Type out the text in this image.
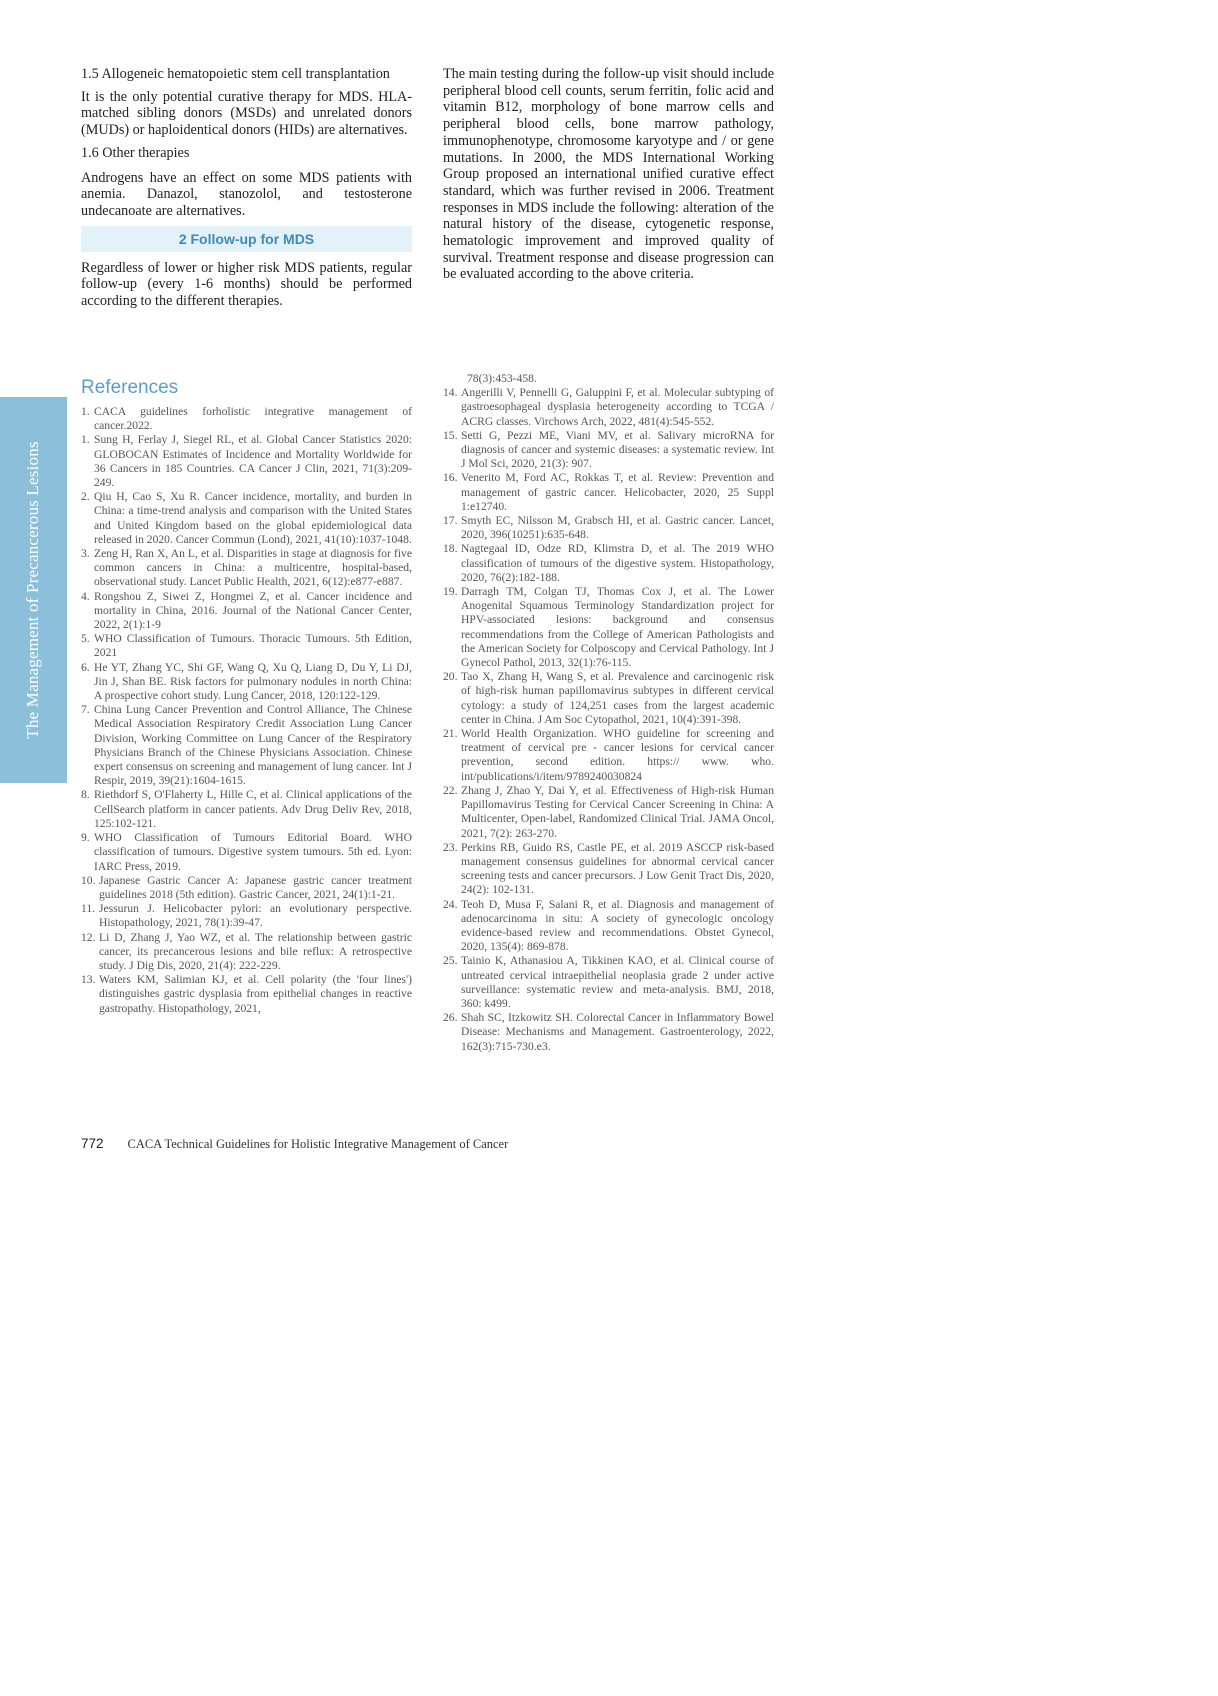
The Management of Precancerous Lesions

1.5 Allogeneic hematopoietic stem cell transplantation

It is the only potential curative therapy for MDS. HLA-matched sibling donors (MSDs) and unrelated donors (MUDs) or haploidentical donors (HIDs) are alternatives.

1.6 Other therapies

Androgens have an effect on some MDS patients with anemia. Danazol, stanozolol, and testosterone undecanoate are alternatives.

2 Follow-up for MDS

Regardless of lower or higher risk MDS patients, regular follow-up (every 1-6 months) should be performed according to the different therapies.

The main testing during the follow-up visit should include peripheral blood cell counts, serum ferritin, folic acid and vitamin B12, morphology of bone marrow cells and peripheral blood cells, bone marrow pathology, immunophenotype, chromosome karyotype and / or gene mutations. In 2000, the MDS International Working Group proposed an international unified curative effect standard, which was further revised in 2006. Treatment responses in MDS include the following: alteration of the natural history of the disease, cytogenetic response, hematologic improvement and improved quality of survival. Treatment response and disease progression can be evaluated according to the above criteria.

References
1. CACA guidelines forholistic integrative management of cancer.2022.
1. Sung H, Ferlay J, Siegel RL, et al. Global Cancer Statistics 2020: GLOBOCAN Estimates of Incidence and Mortality Worldwide for 36 Cancers in 185 Countries. CA Cancer J Clin, 2021, 71(3):209-249.
2. Qiu H, Cao S, Xu R. Cancer incidence, mortality, and burden in China: a time-trend analysis and comparison with the United States and United Kingdom based on the global epidemiological data released in 2020. Cancer Commun (Lond), 2021, 41(10):1037-1048.
3. Zeng H, Ran X, An L, et al. Disparities in stage at diagnosis for five common cancers in China: a multicentre, hospital-based, observational study. Lancet Public Health, 2021, 6(12):e877-e887.
4. Rongshou Z, Siwei Z, Hongmei Z, et al. Cancer incidence and mortality in China, 2016. Journal of the National Cancer Center, 2022, 2(1):1-9
5. WHO Classification of Tumours. Thoracic Tumours. 5th Edition, 2021
6. He YT, Zhang YC, Shi GF, Wang Q, Xu Q, Liang D, Du Y, Li DJ, Jin J, Shan BE. Risk factors for pulmonary nodules in north China: A prospective cohort study. Lung Cancer, 2018, 120:122-129.
7. China Lung Cancer Prevention and Control Alliance, The Chinese Medical Association Respiratory Credit Association Lung Cancer Division, Working Committee on Lung Cancer of the Respiratory Physicians Branch of the Chinese Physicians Association. Chinese expert consensus on screening and management of lung cancer. Int J Respir, 2019, 39(21):1604-1615.
8. Riethdorf S, O'Flaherty L, Hille C, et al. Clinical applications of the CellSearch platform in cancer patients. Adv Drug Deliv Rev, 2018, 125:102-121.
9. WHO Classification of Tumours Editorial Board. WHO classification of tumours. Digestive system tumours. 5th ed. Lyon: IARC Press, 2019.
10. Japanese Gastric Cancer A: Japanese gastric cancer treatment guidelines 2018 (5th edition). Gastric Cancer, 2021, 24(1):1-21.
11. Jessurun J. Helicobacter pylori: an evolutionary perspective. Histopathology, 2021, 78(1):39-47.
12. Li D, Zhang J, Yao WZ, et al. The relationship between gastric cancer, its precancerous lesions and bile reflux: A retrospective study. J Dig Dis, 2020, 21(4): 222-229.
13. Waters KM, Salimian KJ, et al. Cell polarity (the 'four lines') distinguishes gastric dysplasia from epithelial changes in reactive gastropathy. Histopathology, 2021,
78(3):453-458.
14. Angerilli V, Pennelli G, Galuppini F, et al. Molecular subtyping of gastroesophageal dysplasia heterogeneity according to TCGA / ACRG classes. Virchows Arch, 2022, 481(4):545-552.
15. Setti G, Pezzi ME, Viani MV, et al. Salivary microRNA for diagnosis of cancer and systemic diseases: a systematic review. Int J Mol Sci, 2020, 21(3): 907.
16. Venerito M, Ford AC, Rokkas T, et al. Review: Prevention and management of gastric cancer. Helicobacter, 2020, 25 Suppl 1:e12740.
17. Smyth EC, Nilsson M, Grabsch HI, et al. Gastric cancer. Lancet, 2020, 396(10251):635-648.
18. Nagtegaal ID, Odze RD, Klimstra D, et al. The 2019 WHO classification of tumours of the digestive system. Histopathology, 2020, 76(2):182-188.
19. Darragh TM, Colgan TJ, Thomas Cox J, et al. The Lower Anogenital Squamous Terminology Standardization project for HPV-associated lesions: background and consensus recommendations from the College of American Pathologists and the American Society for Colposcopy and Cervical Pathology. Int J Gynecol Pathol, 2013, 32(1):76-115.
20. Tao X, Zhang H, Wang S, et al. Prevalence and carcinogenic risk of high-risk human papillomavirus subtypes in different cervical cytology: a study of 124,251 cases from the largest academic center in China. J Am Soc Cytopathol, 2021, 10(4):391-398.
21. World Health Organization. WHO guideline for screening and treatment of cervical pre - cancer lesions for cervical cancer prevention, second edition. https:// www. who. int/publications/i/item/9789240030824
22. Zhang J, Zhao Y, Dai Y, et al. Effectiveness of High-risk Human Papillomavirus Testing for Cervical Cancer Screening in China: A Multicenter, Open-label, Randomized Clinical Trial. JAMA Oncol, 2021, 7(2): 263-270.
23. Perkins RB, Guido RS, Castle PE, et al. 2019 ASCCP risk-based management consensus guidelines for abnormal cervical cancer screening tests and cancer precursors. J Low Genit Tract Dis, 2020, 24(2): 102-131.
24. Teoh D, Musa F, Salani R, et al. Diagnosis and management of adenocarcinoma in situ: A society of gynecologic oncology evidence-based review and recommendations. Obstet Gynecol, 2020, 135(4): 869-878.
25. Tainio K, Athanasiou A, Tikkinen KAO, et al. Clinical course of untreated cervical intraepithelial neoplasia grade 2 under active surveillance: systematic review and meta-analysis. BMJ, 2018, 360: k499.
26. Shah SC, Itzkowitz SH. Colorectal Cancer in Inflammatory Bowel Disease: Mechanisms and Management. Gastroenterology, 2022, 162(3):715-730.e3.
772 CACA Technical Guidelines for Holistic Integrative Management of Cancer
